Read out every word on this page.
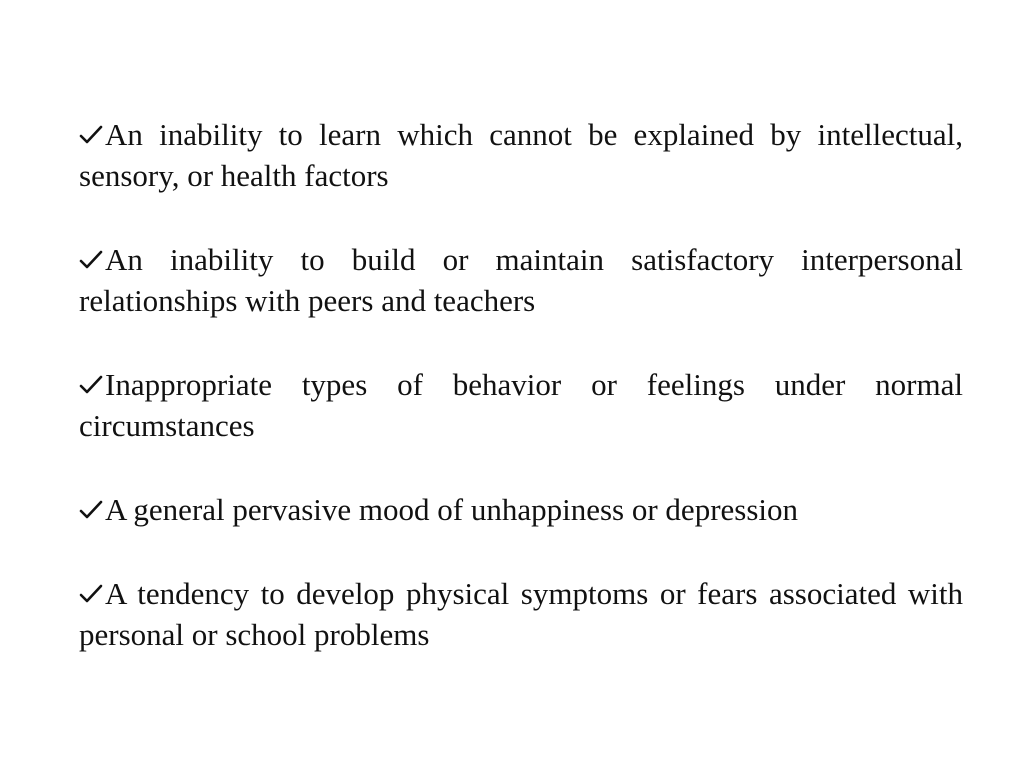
An inability to learn which cannot be explained by intellectual, sensory, or health factors
An inability to build or maintain satisfactory interpersonal relationships with peers and teachers
Inappropriate types of behavior or feelings under normal circumstances
A general pervasive mood of unhappiness or depression
A tendency to develop physical symptoms or fears associated with personal or school problems
